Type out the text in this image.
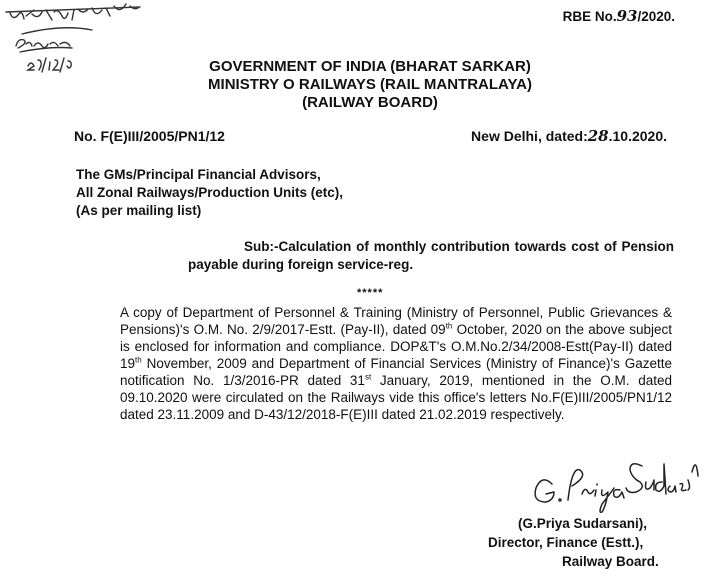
RBE No.93/2020.
GOVERNMENT OF INDIA (BHARAT SARKAR)
MINISTRY O RAILWAYS (RAIL MANTRALAYA)
(RAILWAY BOARD)
No. F(E)III/2005/PN1/12	New Delhi, dated:28.10.2020.
The GMs/Principal Financial Advisors,
All Zonal Railways/Production Units (etc),
(As per mailing list)
Sub:-Calculation of monthly contribution towards cost of Pension
payable during foreign service-reg.
*****
A copy of Department of Personnel & Training (Ministry of Personnel, Public Grievances & Pensions)'s O.M. No. 2/9/2017-Estt. (Pay-II), dated 09th October, 2020 on the above subject is enclosed for information and compliance. DOP&T's O.M.No.2/34/2008-Estt(Pay-II) dated 19th November, 2009 and Department of Financial Services (Ministry of Finance)'s Gazette notification No. 1/3/2016-PR dated 31st January, 2019, mentioned in the O.M. dated 09.10.2020 were circulated on the Railways vide this office's letters No.F(E)III/2005/PN1/12 dated 23.11.2009 and D-43/12/2018-F(E)III dated 21.02.2019 respectively.
(G.Priya Sudarsani),
Director, Finance (Estt.),
Railway Board.
